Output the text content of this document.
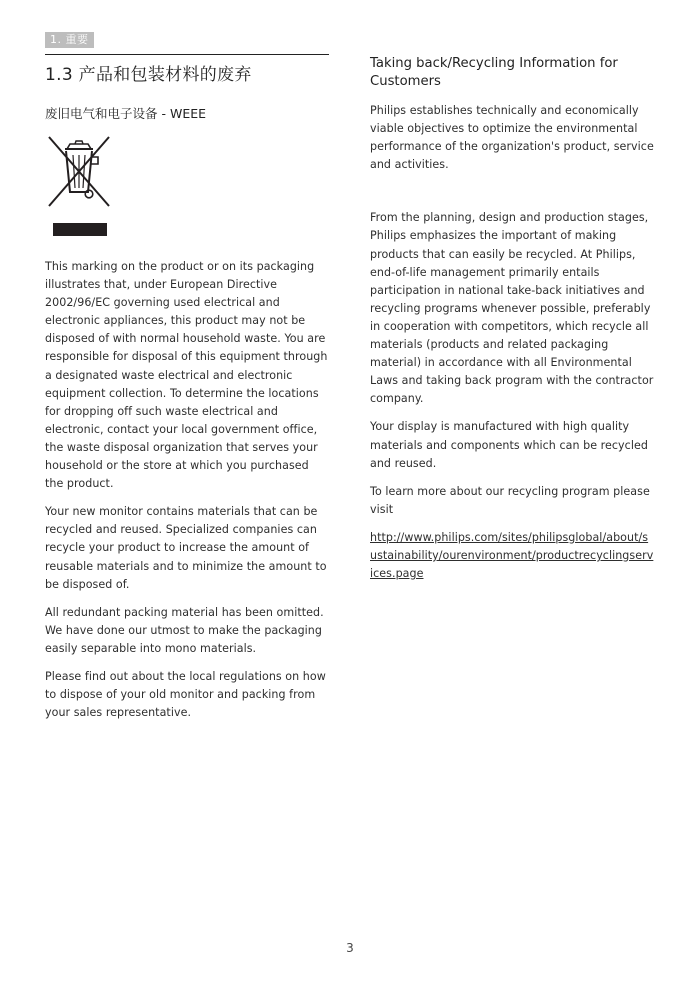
1. 重要
1.3 产品和包装材料的废弃
废旧电气和电子设备 - WEEE

This marking on the product or on its packaging illustrates that, under European Directive 2002/96/EC governing used electrical and electronic appliances, this product may not be disposed of with normal household waste. You are responsible for disposal of this equipment through a designated waste electrical and electronic equipment collection. To determine the locations for dropping off such waste electrical and electronic, contact your local government office, the waste disposal organization that serves your household or the store at which you purchased the product.

Your new monitor contains materials that can be recycled and reused. Specialized companies can recycle your product to increase the amount of reusable materials and to minimize the amount to be disposed of.

All redundant packing material has been omitted. We have done our utmost to make the packaging easily separable into mono materials.

Please find out about the local regulations on how to dispose of your old monitor and packing from your sales representative.

Taking back/Recycling Information for Customers

Philips establishes technically and economically viable objectives to optimize the environmental performance of the organization's product, service and activities.

From the planning, design and production stages, Philips emphasizes the important of making products that can easily be recycled. At Philips, end-of-life management primarily entails participation in national take-back initiatives and recycling programs whenever possible, preferably in cooperation with competitors, which recycle all materials (products and related packaging material) in accordance with all Environmental Laws and taking back program with the contractor company.

Your display is manufactured with high quality materials and components which can be recycled and reused.

To learn more about our recycling program please visit

http://www.philips.com/sites/philipsglobal/about/sustainability/ourenvironment/productrecyclingservices.page

3
